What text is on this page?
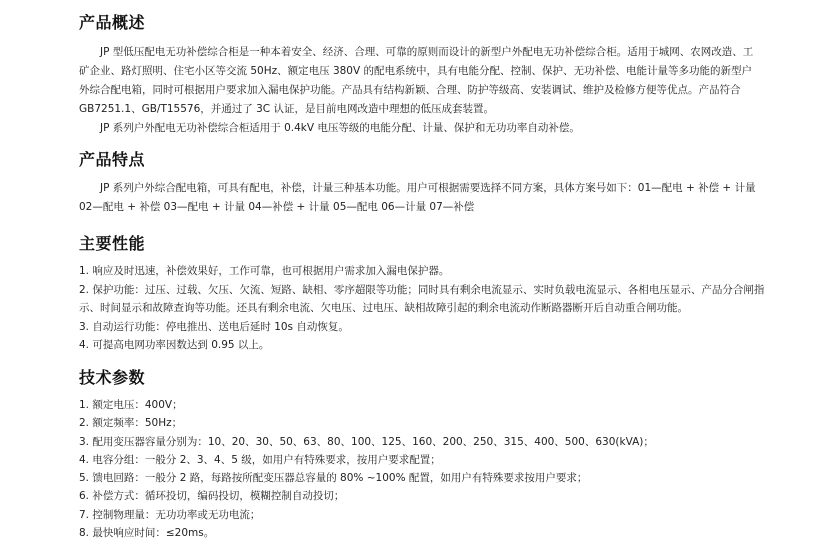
产品概述

JP 型低压配电无功补偿综合柜是一种本着安全、经济、合理、可靠的原则而设计的新型户外配电无功补偿综合柜。适用于城网、农网改造、工矿企业、路灯照明、住宅小区等交流 50Hz、额定电压 380V 的配电系统中，具有电能分配、控制、保护、无功补偿、电能计量等多功能的新型户外综合配电箱，同时可根据用户要求加入漏电保护功能。产品具有结构新颖、合理、防护等级高、安装调试、维护及检修方便等优点。产品符合 GB7251.1、GB/T15576，并通过了 3C 认证，是目前电网改造中理想的低压成套装置。

JP 系列户外配电无功补偿综合柜适用于 0.4kV 电压等级的电能分配、计量、保护和无功功率自动补偿。

产品特点

JP 系列户外综合配电箱，可具有配电，补偿，计量三种基本功能。用户可根据需要选择不同方案，具体方案号如下：01—配电 + 补偿 + 计量 02—配电 + 补偿 03—配电 + 计量 04—补偿 + 计量 05—配电 06—计量 07—补偿

主要性能
1. 响应及时迅速，补偿效果好，工作可靠，也可根据用户需求加入漏电保护器。
2. 保护功能：过压、过载、欠压、欠流、短路、缺相、零序超限等功能；同时具有剩余电流显示、实时负载电流显示、各相电压显示、产品分合闸指示、时间显示和故障查询等功能。还具有剩余电流、欠电压、过电压、缺相故障引起的剩余电流动作断路器断开后自动重合闸功能。
3. 自动运行功能：停电推出、送电后延时 10s 自动恢复。
4. 可提高电网功率因数达到 0.95 以上。
技术参数
1. 额定电压：400V；
2. 额定频率：50Hz；
3. 配用变压器容量分别为：10、20、30、50、63、80、100、125、160、200、250、315、400、500、630(kVA)；
4. 电容分组：一般分 2、3、4、5 级，如用户有特殊要求，按用户要求配置；
5. 馈电回路：一般分 2 路，每路按所配变压器总容量的 80% ~100% 配置，如用户有特殊要求按用户要求；
6. 补偿方式：循环投切，编码投切，模糊控制自动投切；
7. 控制物理量：无功功率或无功电流；
8. 最快响应时间：≤20ms。
